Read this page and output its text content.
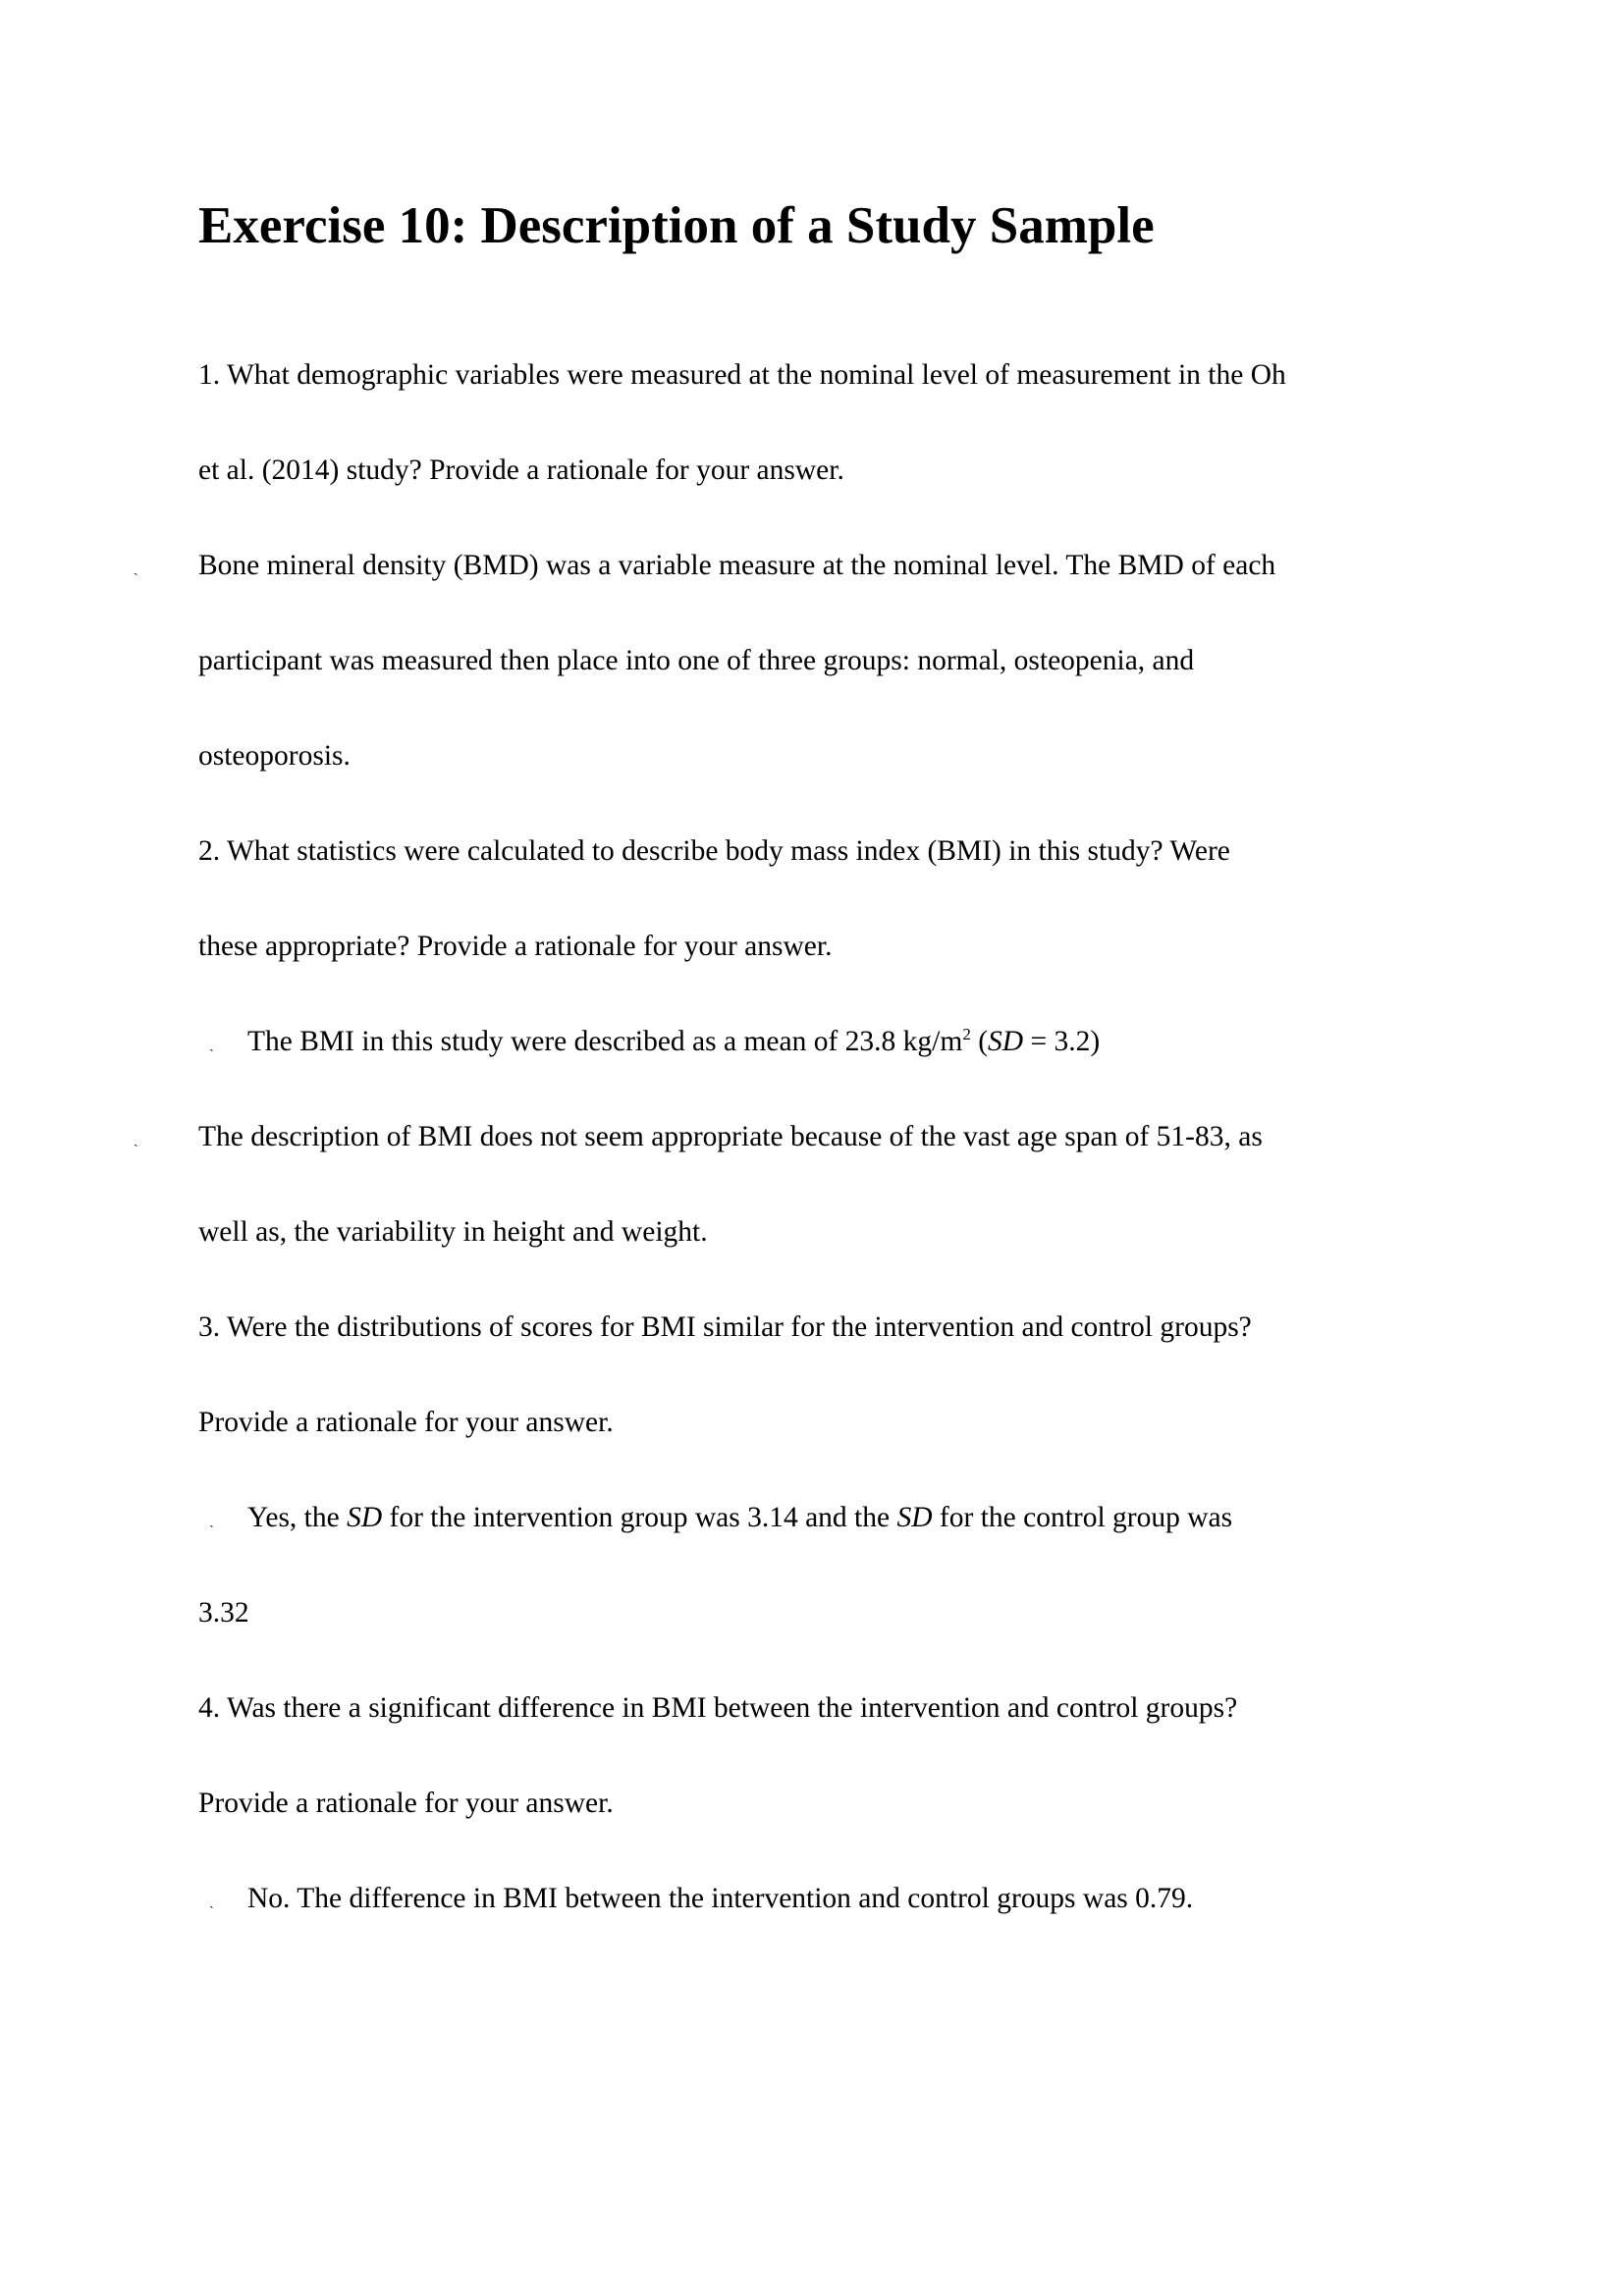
Exercise 10: Description of a Study Sample
1. What demographic variables were measured at the nominal level of measurement in the Oh
et al. (2014) study? Provide a rationale for your answer.
ˏ Bone mineral density (BMD) was a variable measure at the nominal level. The BMD of each
participant was measured then place into one of three groups: normal, osteopenia, and
osteoporosis.
2. What statistics were calculated to describe body mass index (BMI) in this study? Were
these appropriate? Provide a rationale for your answer.
ˏ The BMI in this study were described as a mean of 23.8 $kg/m^2$ (SD = 3.2)
ˏ The description of BMI does not seem appropriate because of the vast age span of 51-83, as
well as, the variability in height and weight.
3. Were the distributions of scores for BMI similar for the intervention and control groups?
Provide a rationale for your answer.
ˏ Yes, the SD for the intervention group was 3.14 and the SD for the control group was
3.32
4. Was there a significant difference in BMI between the intervention and control groups?
Provide a rationale for your answer.
ˏ No. The difference in BMI between the intervention and control groups was 0.79.
